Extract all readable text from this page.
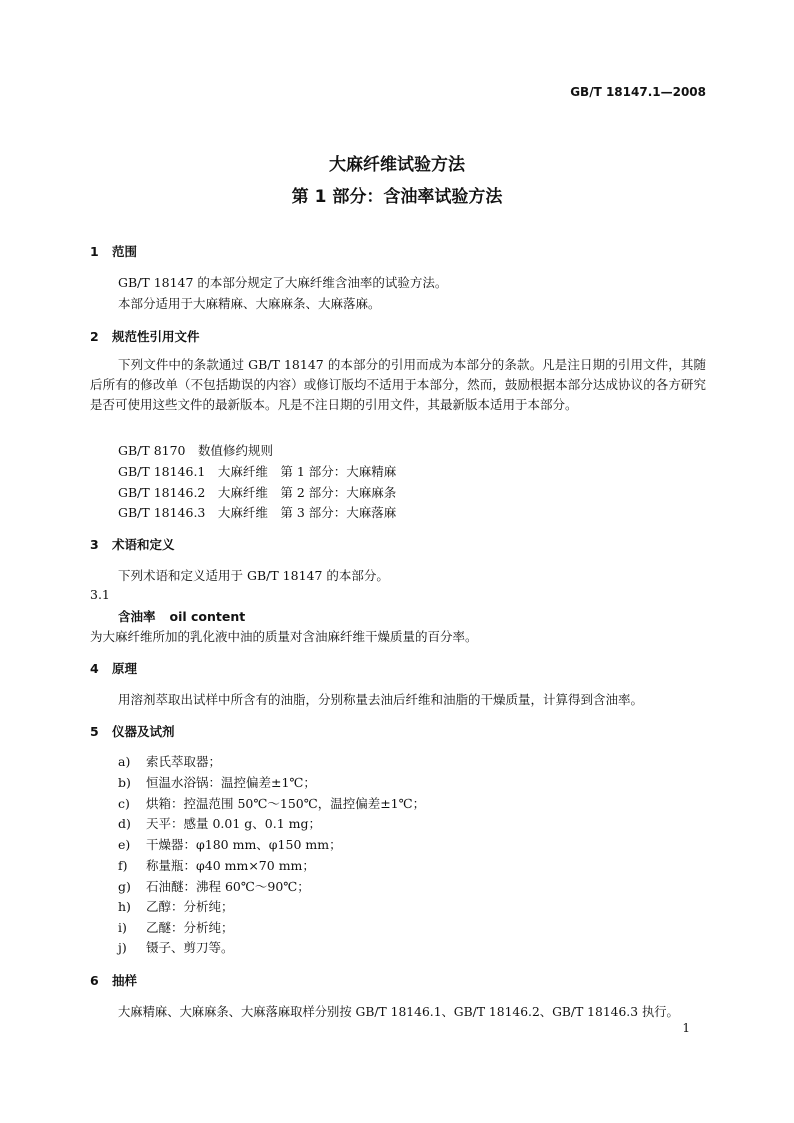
GB/T 18147.1—2008
大麻纤维试验方法
第 1 部分：含油率试验方法
1 范围
GB/T 18147 的本部分规定了大麻纤维含油率的试验方法。
本部分适用于大麻精麻、大麻麻条、大麻落麻。
2 规范性引用文件
下列文件中的条款通过 GB/T 18147 的本部分的引用而成为本部分的条款。凡是注日期的引用文件，其随后所有的修改单（不包括勘误的内容）或修订版均不适用于本部分，然而，鼓励根据本部分达成协议的各方研究是否可使用这些文件的最新版本。凡是不注日期的引用文件，其最新版本适用于本部分。
GB/T 8170　数值修约规则
GB/T 18146.1　大麻纤维　第 1 部分：大麻精麻
GB/T 18146.2　大麻纤维　第 2 部分：大麻麻条
GB/T 18146.3　大麻纤维　第 3 部分：大麻落麻
3 术语和定义
下列术语和定义适用于 GB/T 18147 的本部分。
3.1
含油率 oil content
为大麻纤维所加的乳化液中油的质量对含油麻纤维干燥质量的百分率。
4 原理
用溶剂萃取出试样中所含有的油脂，分别称量去油后纤维和油脂的干燥质量，计算得到含油率。
5 仪器及试剂
a) 索氏萃取器；
b) 恒温水浴锅：温控偏差±1℃；
c) 烘箱：控温范围 50℃～150℃，温控偏差±1℃；
d) 天平：感量 0.01 g、0.1 mg；
e) 干燥器：φ180 mm、φ150 mm；
f) 称量瓶：φ40 mm×70 mm；
g) 石油醚：沸程 60℃～90℃；
h) 乙醇：分析纯；
i) 乙醚：分析纯；
j) 镊子、剪刀等。
6 抽样
大麻精麻、大麻麻条、大麻落麻取样分别按 GB/T 18146.1、GB/T 18146.2、GB/T 18146.3 执行。
1
